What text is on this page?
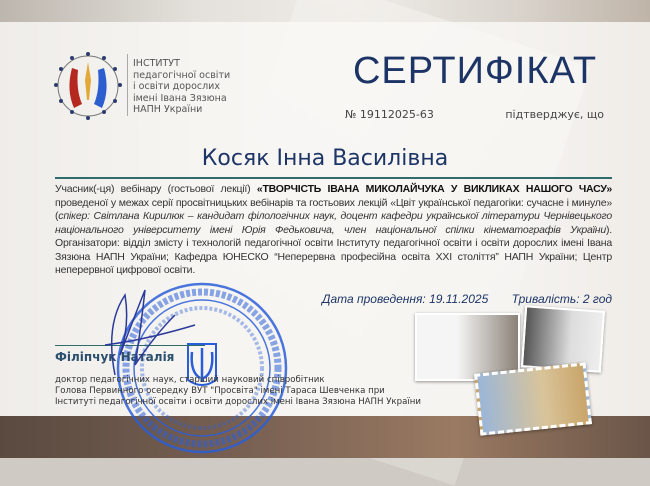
ІНСТИТУТ
педагогічної освіти
і освіти дорослих
імені Івана Зязюна
НАПН України
СЕРТИФІКАТ
№ 19112025-63	підтверджує, що
Косяк Інна Василівна
Учасник(-ця) вебінару (гостьової лекції) «ТВОРЧІСТЬ ІВАНА МИКОЛАЙЧУКА У ВИКЛИКАХ НАШОГО ЧАСУ» проведеної у межах серії просвітницьких вебінарів та гостьових лекцій «Цвіт української педагогіки: сучасне і минуле» (спікер: Світлана Кирилюк – кандидат філологічних наук, доцент кафедри української літератури Чернівецького національного університету імені Юрія Федьковича, член національної спілки кінематографів України). Організатори: відділ змісту і технологій педагогічної освіти Інституту педагогічної освіти і освіти дорослих імені Івана Зязюна НАПН України; Кафедра ЮНЕСКО “Неперервна професійна освіта XXI століття” НАПН України; Центр неперервної цифрової освіти.
Дата проведення: 19.11.2025 Тривалість: 2 год
Філіпчук Наталія
доктор педагогічних наук, старший науковий співробітник
Голова Первинного осередку ВУТ "Просвіта" імені Тараса Шевченка при
Інституті педагогічної освіти і освіти дорослих імені Івана Зязюна НАПН України
